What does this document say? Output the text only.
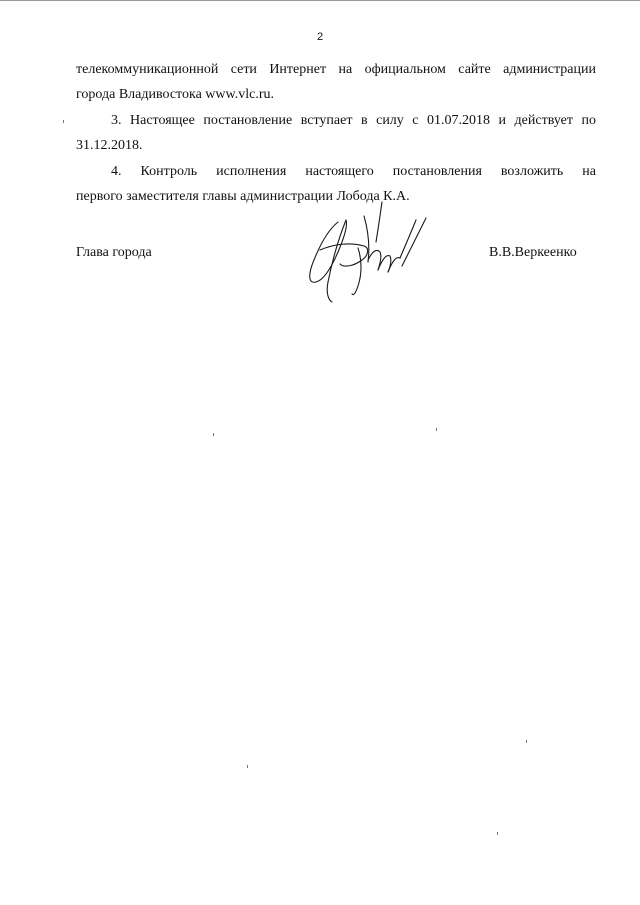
2
телекоммуникационной сети Интернет на официальном сайте администрации
города Владивостока www.vlc.ru.
3. Настоящее постановление вступает в силу с 01.07.2018 и действует по
31.12.2018.
4. Контроль исполнения настоящего постановления возложить на
первого заместителя главы администрации Лобода К.А.
Глава города	В.В.Веркеенко
